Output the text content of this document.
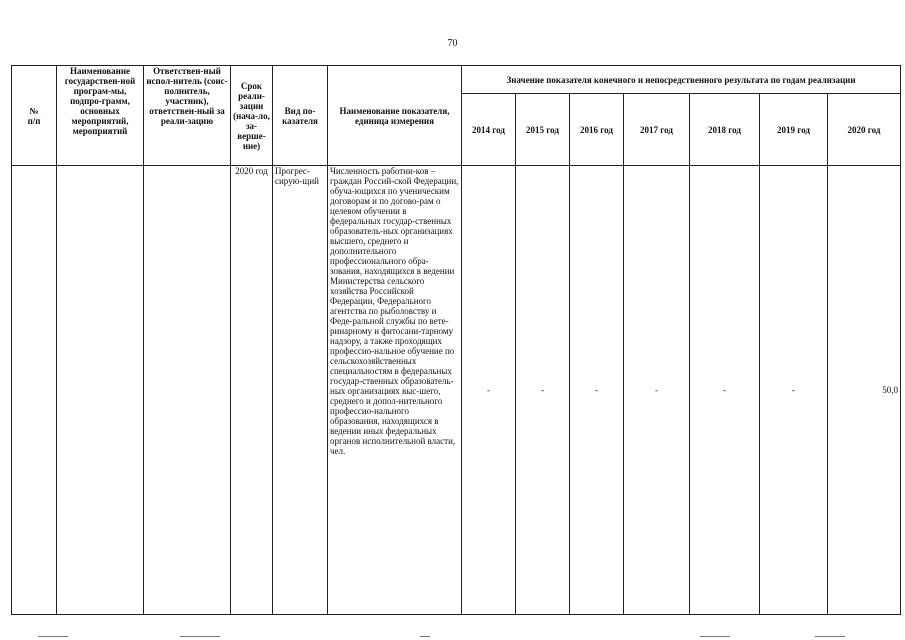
70
№
п/п	Наименование государствен-ной програм-мы, подпро-грамм, основных мероприятий, мероприятий	Ответствен-ный испол-нитель (соис-полнитель, участник), ответствен-ный за реали-зацию	Срок реали-зации (нача-ло, за-верше-ние)	Вид по-казателя	Наименование показателя, единица измерения	Значение показателя конечного и непосредственного результата по годам реализации						
						2014 год	2015 год	2016 год	2017 год	2018 год	2019 год	2020 год
			2020 год	Прогрес-сирую-щий	Численность работни-ков – граждан Россий-ской Федерации, обуча-ющихся по ученическим договорам и по догово-рам о целевом обучении в федеральных государ-ственных образователь-ных организациях высшего, среднего и дополнительного профессионального обра-зования, находящихся в ведении Министерства сельского хозяйства Российской Федерации, Федерального агентства по рыболовству и Феде-ральной службы по вете-ринарному и фитосани-тарному надзору, а также проходящих профессио-нальное обучение по сельскохозяйственных специальностям в федеральных государ-ственных образователь-ных организациях выс-шего, среднего и допол-нительного профессио-нального образования, находящихся в ведении иных федеральных органов исполнительной власти, чел.	-	-	-	-	-	-	50,0
